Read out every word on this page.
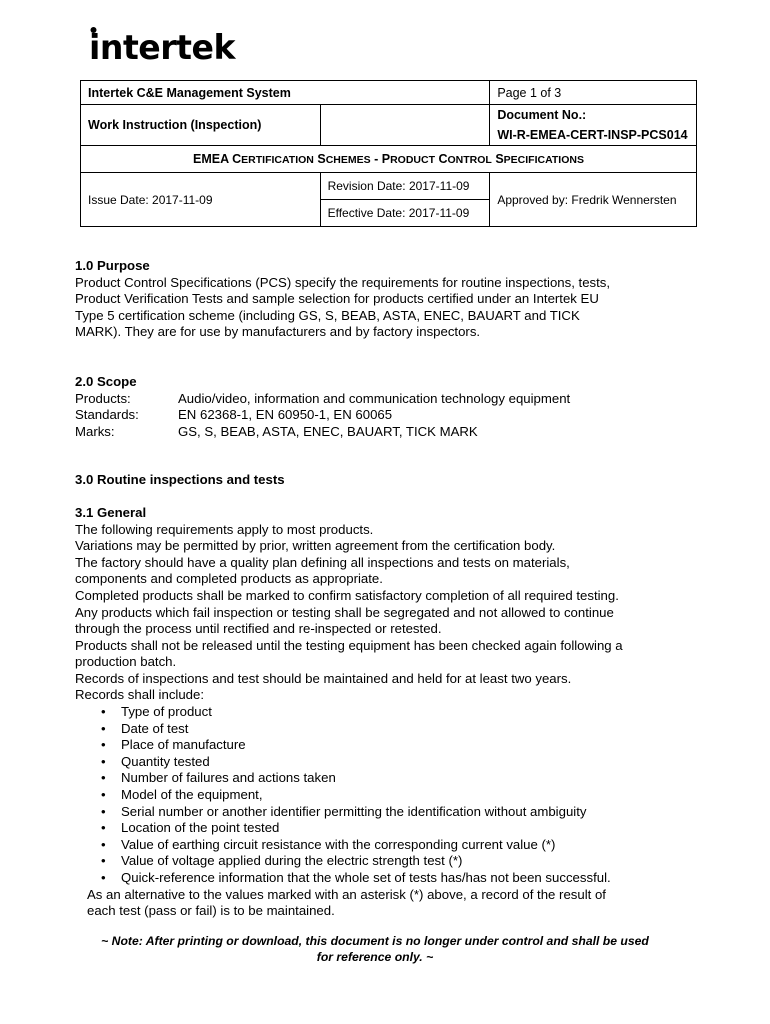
intertek
Intertek C&E Management System		Page 1 of 3
Work Instruction (Inspection)		Document No.:
WI-R-EMEA-CERT-INSP-PCS014

EMEA CERTIFICATION SCHEMES - PRODUCT CONTROL SPECIFICATIONS		
Issue Date: 2017-11-09	Revision Date: 2017-11-09	Approved by: Fredrik Wennersten
	Effective Date: 2017-11-09	
1.0 Purpose
Product Control Specifications (PCS) specify the requirements for routine inspections, tests,
Product Verification Tests and sample selection for products certified under an Intertek EU
Type 5 certification scheme (including GS, S, BEAB, ASTA, ENEC, BAUART and TICK
MARK). They are for use by manufacturers and by factory inspectors.
2.0 Scope
Products:	Audio/video, information and communication technology equipment
Standards:	EN 62368-1, EN 60950-1, EN 60065
Marks:	GS, S, BEAB, ASTA, ENEC, BAUART, TICK MARK
3.0 Routine inspections and tests
3.1 General
The following requirements apply to most products.
Variations may be permitted by prior, written agreement from the certification body.
The factory should have a quality plan defining all inspections and tests on materials,
components and completed products as appropriate.
Completed products shall be marked to confirm satisfactory completion of all required testing.
Any products which fail inspection or testing shall be segregated and not allowed to continue
through the process until rectified and re-inspected or retested.
Products shall not be released until the testing equipment has been checked again following a
production batch.
Records of inspections and test should be maintained and held for at least two years.
Records shall include:
• Type of product
• Date of test
• Place of manufacture
• Quantity tested
• Number of failures and actions taken
• Model of the equipment,
• Serial number or another identifier permitting the identification without ambiguity
• Location of the point tested
• Value of earthing circuit resistance with the corresponding current value (*)
• Value of voltage applied during the electric strength test (*)
• Quick-reference information that the whole set of tests has/has not been successful.
As an alternative to the values marked with an asterisk (*) above, a record of the result of
each test (pass or fail) is to be maintained.
~ Note: After printing or download, this document is no longer under control and shall be used
for reference only. ~
